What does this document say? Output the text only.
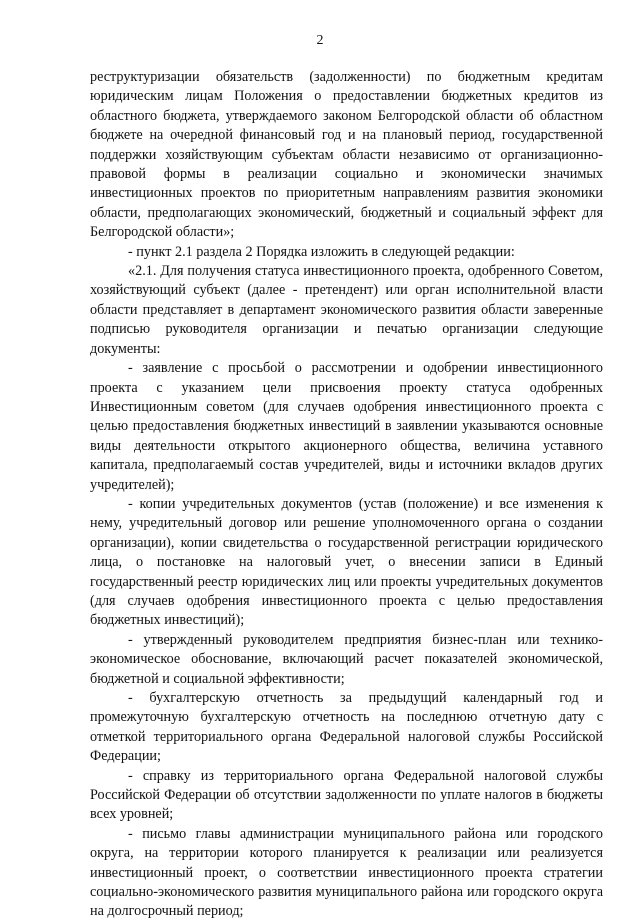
2

реструктуризации обязательств (задолженности) по бюджетным кредитам юридическим лицам Положения о предоставлении бюджетных кредитов из областного бюджета, утверждаемого законом Белгородской области об областном бюджете на очередной финансовый год и на плановый период, государственной поддержки хозяйствующим субъектам области независимо от организационно-правовой формы в реализации социально и экономически значимых инвестиционных проектов по приоритетным направлениям развития экономики области, предполагающих экономический, бюджетный и социальный эффект для Белгородской области»;

- пункт 2.1 раздела 2 Порядка изложить в следующей редакции:

«2.1. Для получения статуса инвестиционного проекта, одобренного Советом, хозяйствующий субъект (далее - претендент) или орган исполнительной власти области представляет в департамент экономического развития области заверенные подписью руководителя организации и печатью организации следующие документы:

- заявление с просьбой о рассмотрении и одобрении инвестиционного проекта с указанием цели присвоения проекту статуса одобренных Инвестиционным советом (для случаев одобрения инвестиционного проекта с целью предоставления бюджетных инвестиций в заявлении указываются основные виды деятельности открытого акционерного общества, величина уставного капитала, предполагаемый состав учредителей, виды и источники вкладов других учредителей);

- копии учредительных документов (устав (положение) и все изменения к нему, учредительный договор или решение уполномоченного органа о создании организации), копии свидетельства о государственной регистрации юридического лица, о постановке на налоговый учет, о внесении записи в Единый государственный реестр юридических лиц или проекты учредительных документов (для случаев одобрения инвестиционного проекта с целью предоставления бюджетных инвестиций);

- утвержденный руководителем предприятия бизнес-план или технико-экономическое обоснование, включающий расчет показателей экономической, бюджетной и социальной эффективности;

- бухгалтерскую отчетность за предыдущий календарный год и промежуточную бухгалтерскую отчетность на последнюю отчетную дату с отметкой территориального органа Федеральной налоговой службы Российской Федерации;

- справку из территориального органа Федеральной налоговой службы Российской Федерации об отсутствии задолженности по уплате налогов в бюджеты всех уровней;

- письмо главы администрации муниципального района или городского округа, на территории которого планируется к реализации или реализуется инвестиционный проект, о соответствии инвестиционного проекта стратегии социально-экономического развития муниципального района или городского округа на долгосрочный период;
